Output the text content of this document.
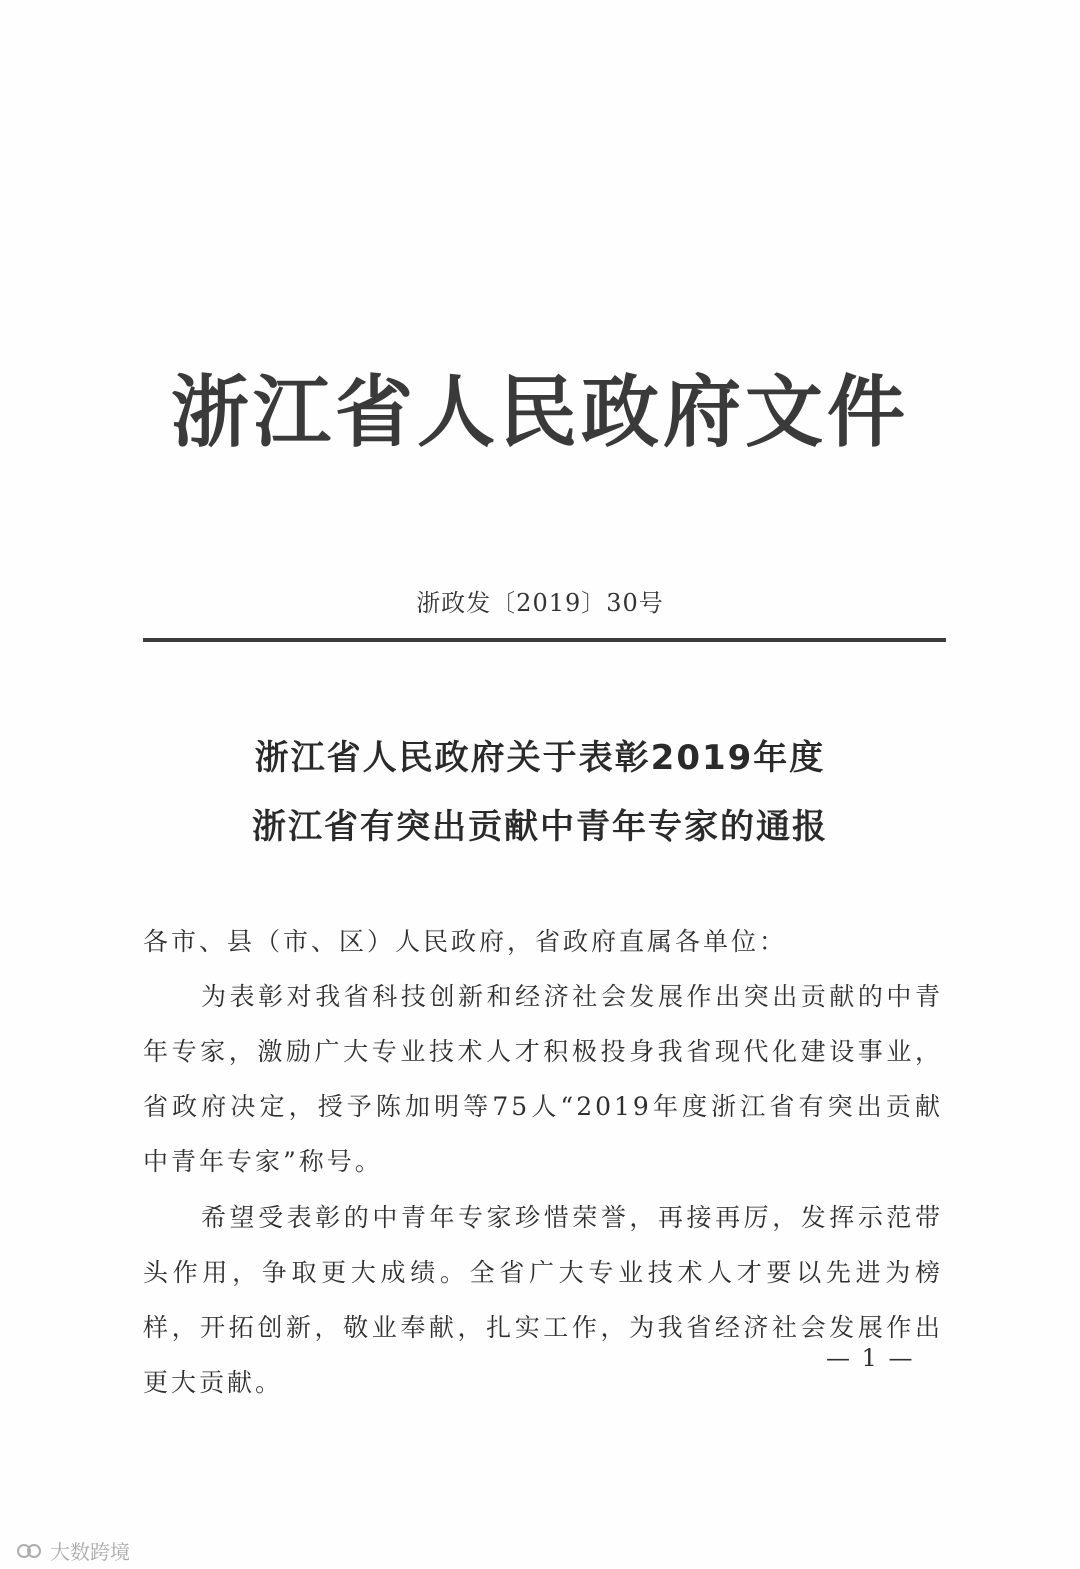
浙江省人民政府文件
浙政发〔2019〕30号
浙江省人民政府关于表彰2019年度
浙江省有突出贡献中青年专家的通报
各市、县（市、区）人民政府，省政府直属各单位：
为表彰对我省科技创新和经济社会发展作出突出贡献的中青年专家，激励广大专业技术人才积极投身我省现代化建设事业，省政府决定，授予陈加明等75人“2019年度浙江省有突出贡献中青年专家”称号。
希望受表彰的中青年专家珍惜荣誉，再接再厉，发挥示范带头作用，争取更大成绩。全省广大专业技术人才要以先进为榜样，开拓创新，敬业奉献，扎实工作，为我省经济社会发展作出更大贡献。
— 1 —
大数跨境
